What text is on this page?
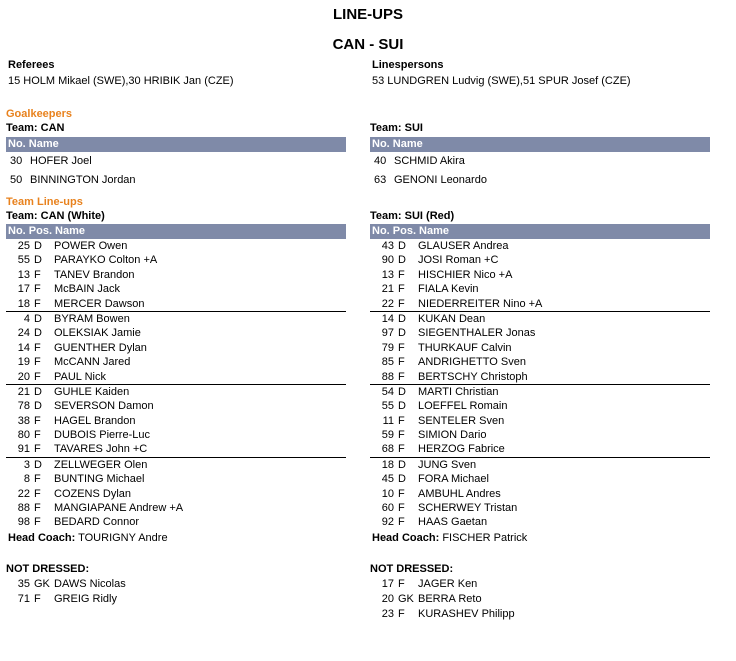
LINE-UPS
CAN - SUI
Referees
15 HOLM Mikael (SWE),30 HRIBIK Jan (CZE)
Linespersons
53 LUNDGREN Ludvig (SWE),51 SPUR Josef (CZE)
Goalkeepers
Team: CAN
No. Name
30 HOFER Joel
50 BINNINGTON Jordan
Team: SUI
No. Name
40 SCHMID Akira
63 GENONI Leonardo
Team Line-ups
Team: CAN (White)
No. Pos. Name
25 D POWER Owen
55 D PARAYKO Colton +A
13 F TANEV Brandon
17 F McBAIN Jack
18 F MERCER Dawson
4 D BYRAM Bowen
24 D OLEKSIAK Jamie
14 F GUENTHER Dylan
19 F McCANN Jared
20 F PAUL Nick
21 D GUHLE Kaiden
78 D SEVERSON Damon
38 F HAGEL Brandon
80 F DUBOIS Pierre-Luc
91 F TAVARES John +C
3 D ZELLWEGER Olen
8 F BUNTING Michael
22 F COZENS Dylan
88 F MANGIAPANE Andrew +A
98 F BEDARD Connor
Team: SUI (Red)
No. Pos. Name
43 D GLAUSER Andrea
90 D JOSI Roman +C
13 F HISCHIER Nico +A
21 F FIALA Kevin
22 F NIEDERREITER Nino +A
14 D KUKAN Dean
97 D SIEGENTHALER Jonas
79 F THURKAUF Calvin
85 F ANDRIGHETTO Sven
88 F BERTSCHY Christoph
54 D MARTI Christian
55 D LOEFFEL Romain
11 F SENTELER Sven
59 F SIMION Dario
68 F HERZOG Fabrice
18 D JUNG Sven
45 D FORA Michael
10 F AMBUHL Andres
60 F SCHERWEY Tristan
92 F HAAS Gaetan
Head Coach: TOURIGNY Andre	Head Coach: FISCHER Patrick
NOT DRESSED:
35 GK DAWS Nicolas
71 F GREIG Ridly
NOT DRESSED:
17 F JAGER Ken
20 GK BERRA Reto
23 F KURASHEV Philipp
